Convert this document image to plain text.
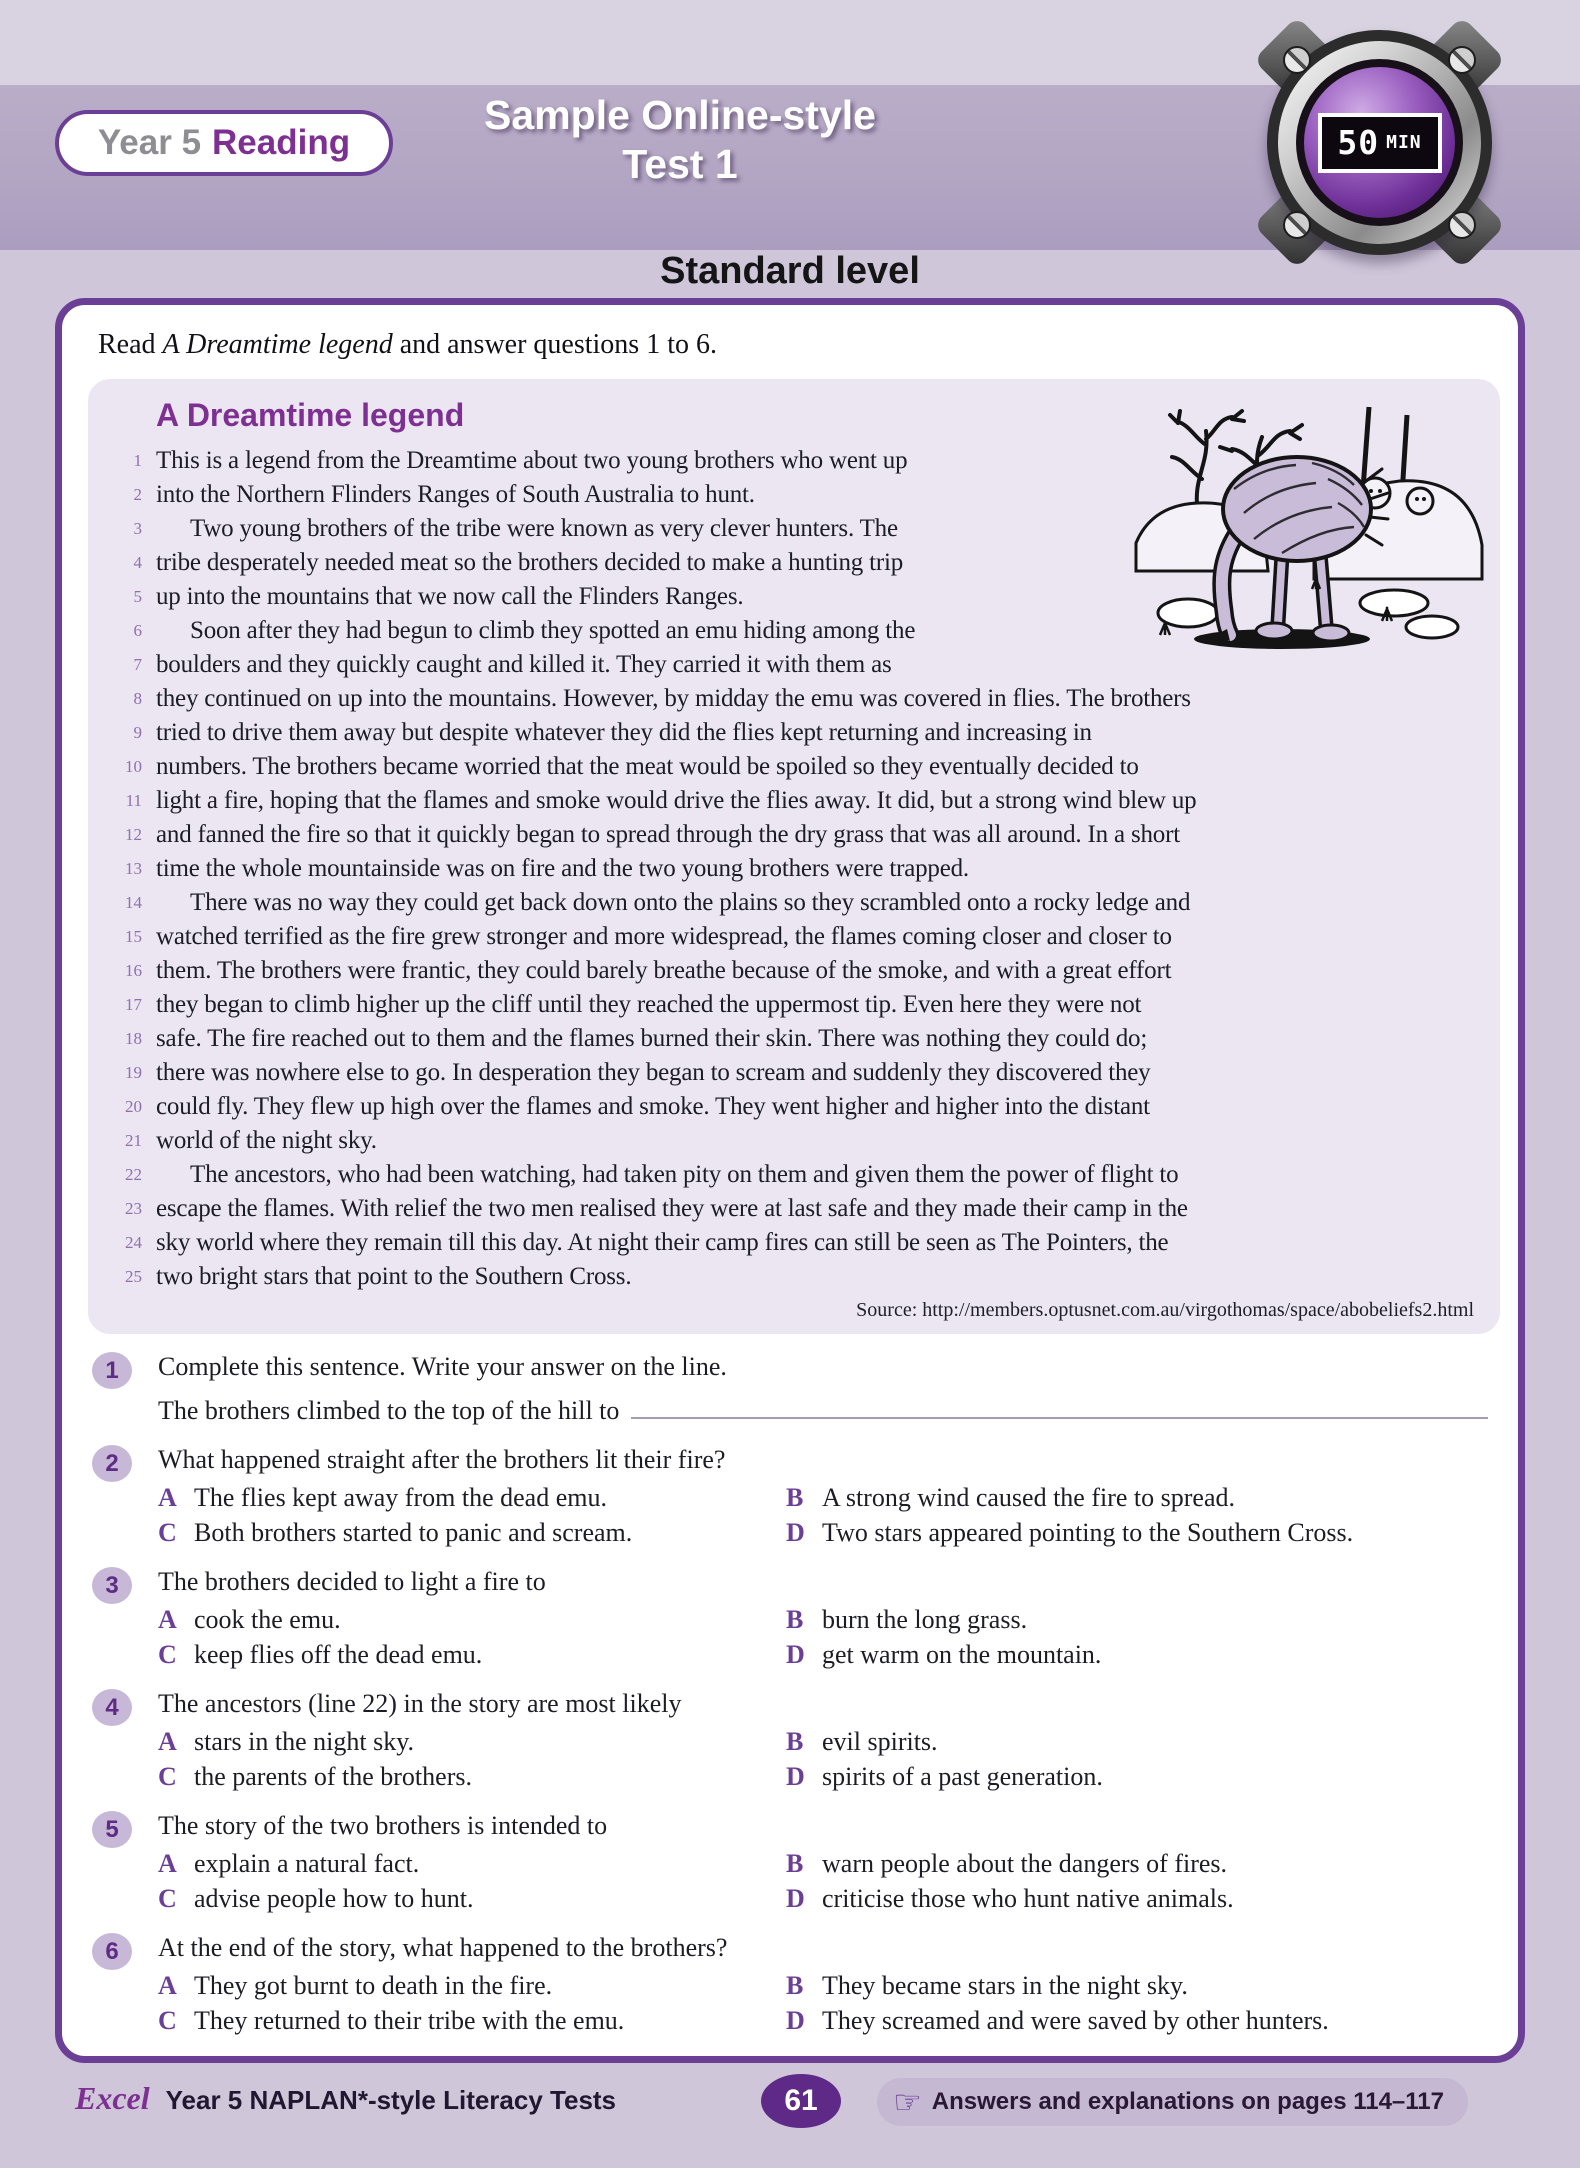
Year 5 Reading
Sample Online-style
Test 1	50 MIN
Standard level
Read A Dreamtime legend and answer questions 1 to 6.
A Dreamtime legend
1 This is a legend from the Dreamtime about two young brothers who went up
2 into the Northern Flinders Ranges of South Australia to hunt.
3	Two young brothers of the tribe were known as very clever hunters. The
4 tribe desperately needed meat so the brothers decided to make a hunting trip
5 up into the mountains that we now call the Flinders Ranges.
6	Soon after they had begun to climb they spotted an emu hiding among the
7 boulders and they quickly caught and killed it. They carried it with them as
8 they continued on up into the mountains. However, by midday the emu was covered in flies. The brothers
9 tried to drive them away but despite whatever they did the flies kept returning and increasing in
10 numbers. The brothers became worried that the meat would be spoiled so they eventually decided to
11 light a fire, hoping that the flames and smoke would drive the flies away. It did, but a strong wind blew up
12 and fanned the fire so that it quickly began to spread through the dry grass that was all around. In a short
13 time the whole mountainside was on fire and the two young brothers were trapped.
14	There was no way they could get back down onto the plains so they scrambled onto a rocky ledge and
15 watched terrified as the fire grew stronger and more widespread, the flames coming closer and closer to
16 them. The brothers were frantic, they could barely breathe because of the smoke, and with a great effort
17 they began to climb higher up the cliff until they reached the uppermost tip. Even here they were not
18 safe. The fire reached out to them and the flames burned their skin. There was nothing they could do;
19 there was nowhere else to go. In desperation they began to scream and suddenly they discovered they
20 could fly. They flew up high over the flames and smoke. They went higher and higher into the distant
21 world of the night sky.
22	The ancestors, who had been watching, had taken pity on them and given them the power of flight to
23 escape the flames. With relief the two men realised they were at last safe and they made their camp in the
24 sky world where they remain till this day. At night their camp fires can still be seen as The Pointers, the
25 two bright stars that point to the Southern Cross.
Source: http://members.optusnet.com.au/virgothomas/space/abobeliefs2.html
1	Complete this sentence. Write your answer on the line.
The brothers climbed to the top of the hill to
2	What happened straight after the brothers lit their fire?
A The flies kept away from the dead emu.	B A strong wind caused the fire to spread.
C Both brothers started to panic and scream.	D Two stars appeared pointing to the Southern Cross.
3	The brothers decided to light a fire to
A cook the emu.	B burn the long grass.
C keep flies off the dead emu.	D get warm on the mountain.
4	The ancestors (line 22) in the story are most likely
A stars in the night sky.	B evil spirits.
C the parents of the brothers.	D spirits of a past generation.
5	The story of the two brothers is intended to
A explain a natural fact.	B warn people about the dangers of fires.
C advise people how to hunt.	D criticise those who hunt native animals.
6	At the end of the story, what happened to the brothers?
A They got burnt to death in the fire.	B They became stars in the night sky.
C They returned to their tribe with the emu.	D They screamed and were saved by other hunters.
Excel Year 5 NAPLAN*-style Literacy Tests	61	☞ Answers and explanations on pages 114–117
